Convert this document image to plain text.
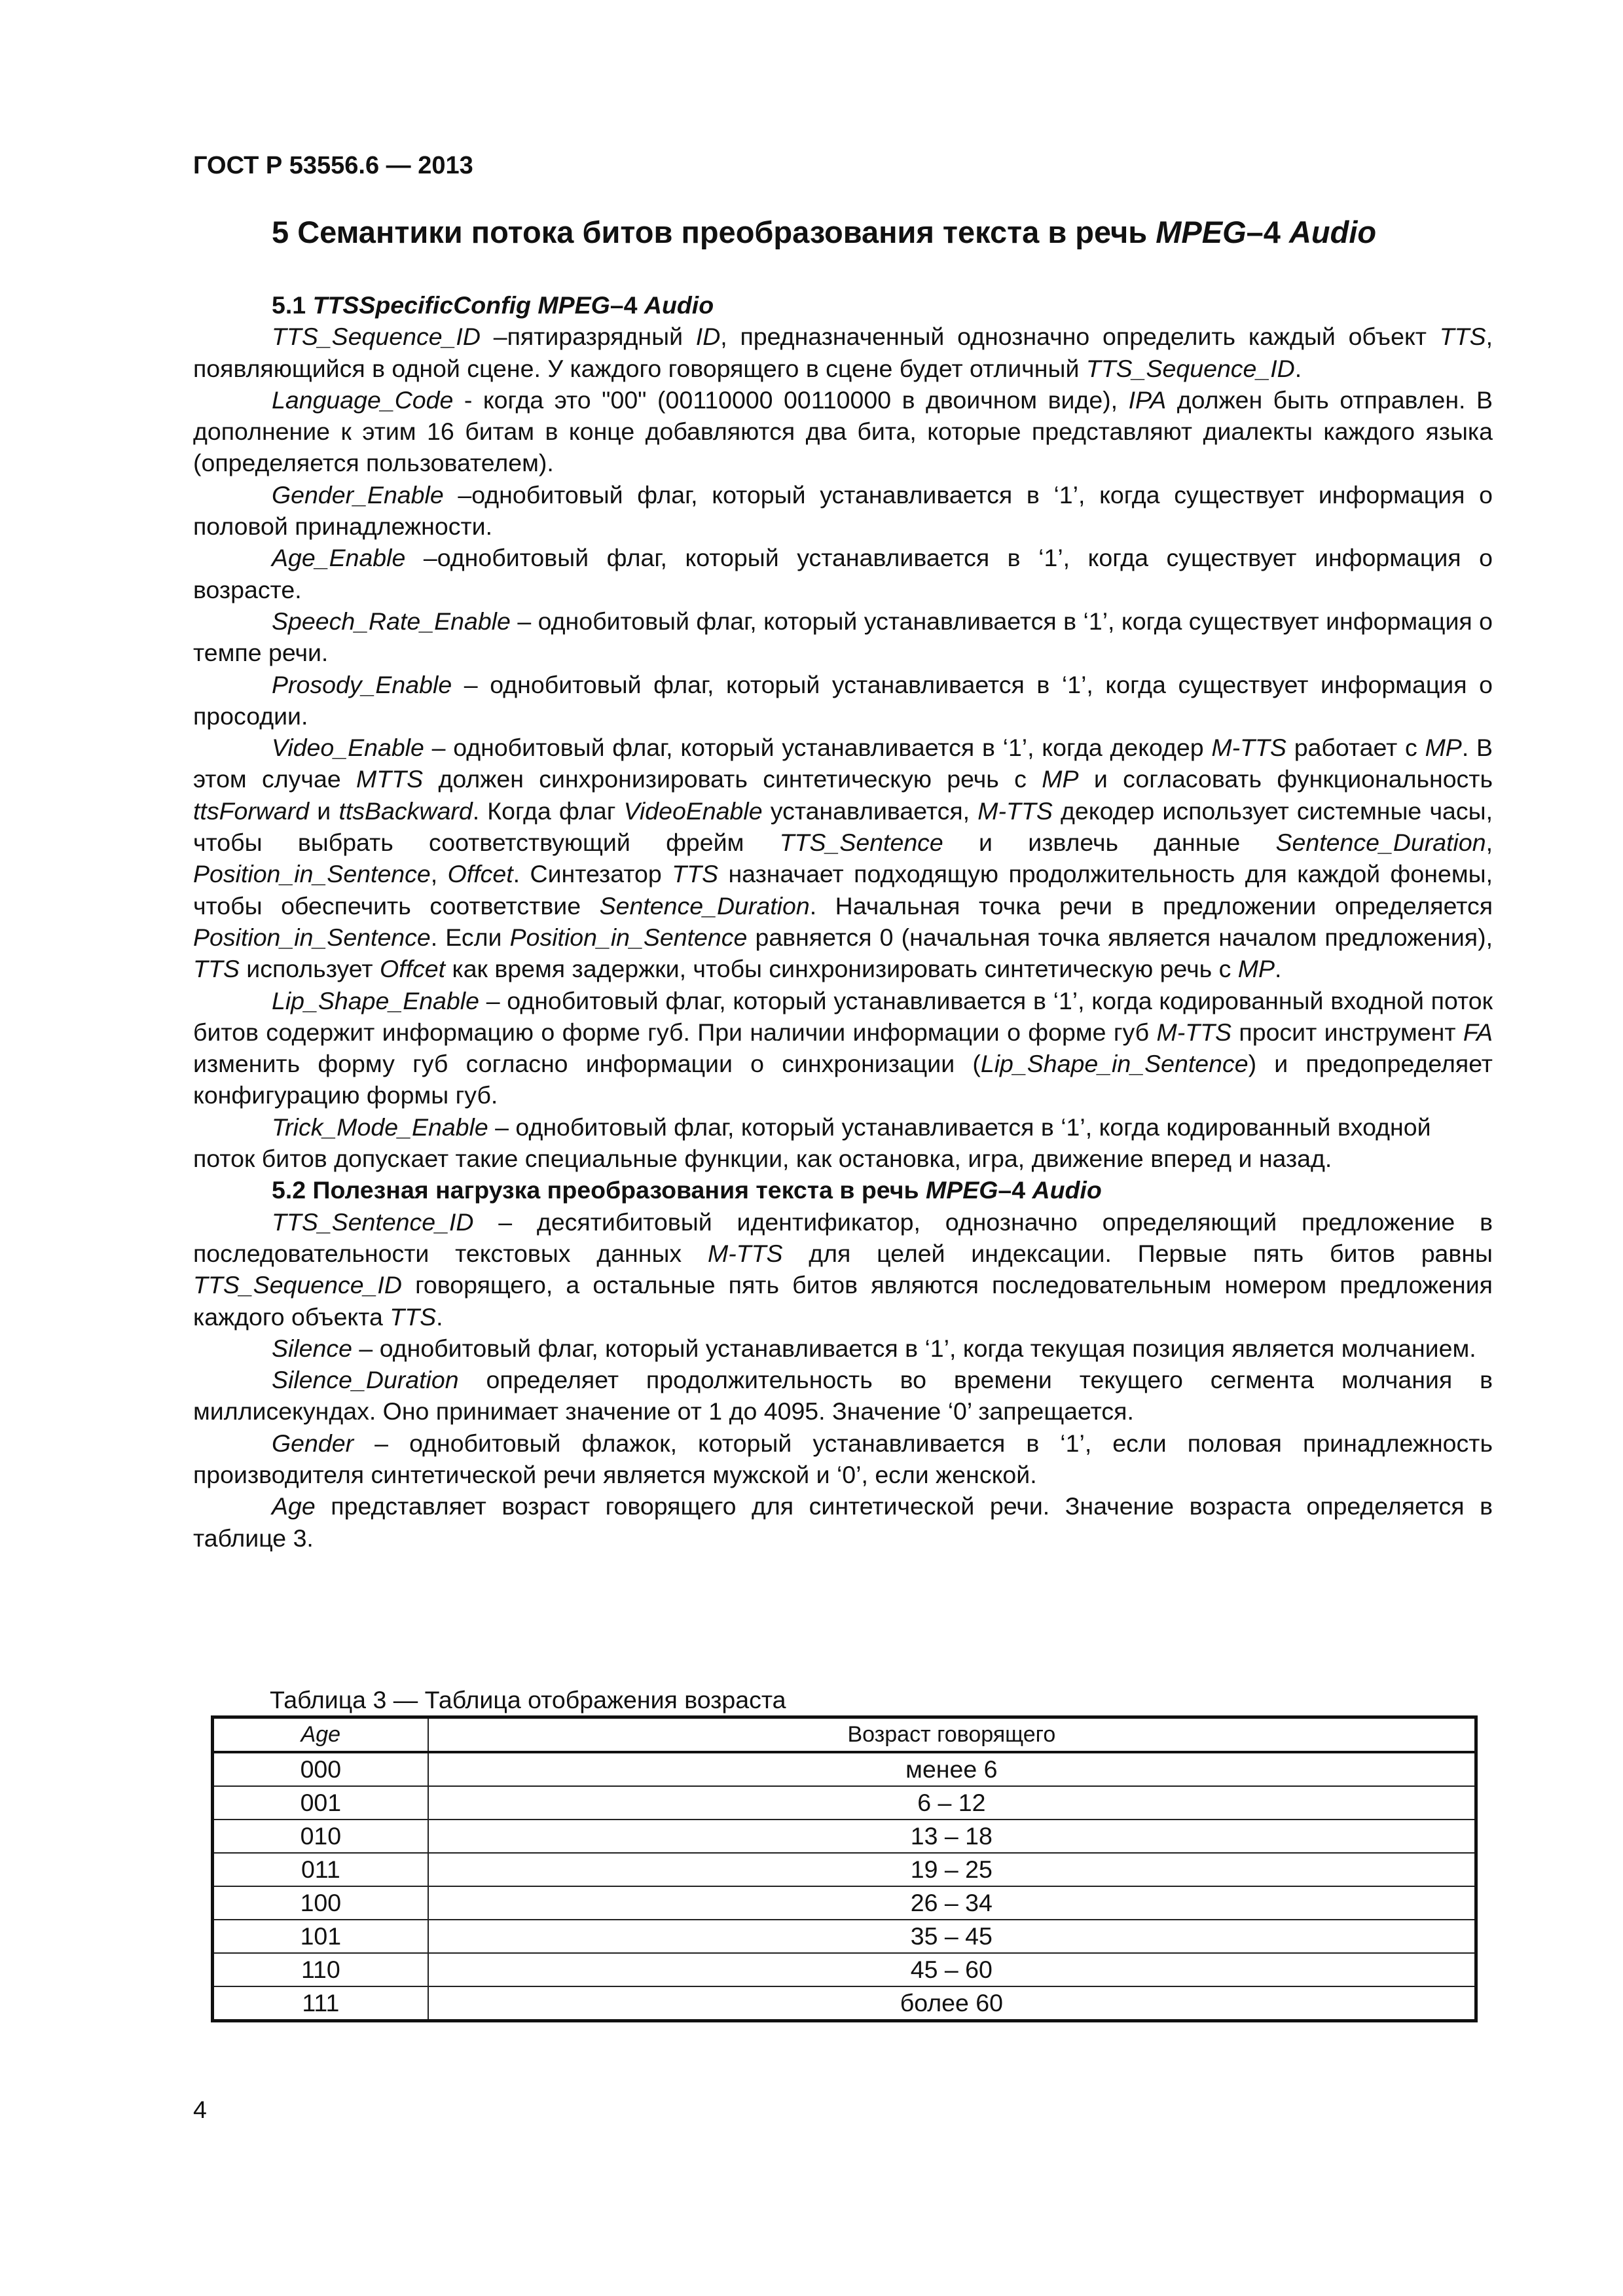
ГОСТ Р 53556.6 — 2013
5 Семантики потока битов преобразования текста в речь MPEG–4 Audio

5.1 TTSSpecificConfig MPEG–4 Audio

TTS_Sequence_ID –пятиразрядный ID, предназначенный однозначно определить каждый объект TTS, появляющийся в одной сцене. У каждого говорящего в сцене будет отличный TTS_Sequence_ID.

Language_Code - когда это "00" (00110000 00110000 в двоичном виде), IPA должен быть отправлен. В дополнение к этим 16 битам в конце добавляются два бита, которые представляют диалекты каждого языка (определяется пользователем).

Gender_Enable –однобитовый флаг, который устанавливается в ‘1’, когда существует информация о половой принадлежности.

Age_Enable –однобитовый флаг, который устанавливается в ‘1’, когда существует информация о возрасте.

Speech_Rate_Enable – однобитовый флаг, который устанавливается в ‘1’, когда существует информация о темпе речи.

Prosody_Enable – однобитовый флаг, который устанавливается в ‘1’, когда существует информация о просодии.

Video_Enable – однобитовый флаг, который устанавливается в ‘1’, когда декодер M-TTS работает с MP. В этом случае MTTS должен синхронизировать синтетическую речь с MP и согласовать функциональность ttsForward и ttsBackward. Когда флаг VideoEnable устанавливается, M-TTS декодер использует системные часы, чтобы выбрать соответствующий фрейм TTS_Sentence и извлечь данные Sentence_Duration, Position_in_Sentence, Offcet. Синтезатор TTS назначает подходящую продолжительность для каждой фонемы, чтобы обеспечить соответствие Sentence_Duration. Начальная точка речи в предложении определяется Position_in_Sentence. Если Position_in_Sentence равняется 0 (начальная точка является началом предложения), TTS использует Offcet как время задержки, чтобы синхронизировать синтетическую речь с MP.

Lip_Shape_Enable – однобитовый флаг, который устанавливается в ‘1’, когда кодированный входной поток битов содержит информацию о форме губ. При наличии информации о форме губ M-TTS просит инструмент FA изменить форму губ согласно информации о синхронизации (Lip_Shape_in_Sentence) и предопределяет конфигурацию формы губ.

Trick_Mode_Enable – однобитовый флаг, который устанавливается в ‘1’, когда кодированный входной поток битов допускает такие специальные функции, как остановка, игра, движение вперед и назад.

5.2 Полезная нагрузка преобразования текста в речь MPEG–4 Audio

TTS_Sentence_ID – десятибитовый идентификатор, однозначно определяющий предложение в последовательности текстовых данных M-TTS для целей индексации. Первые пять битов равны TTS_Sequence_ID говорящего, а остальные пять битов являются последовательным номером предложения каждого объекта TTS.

Silence – однобитовый флаг, который устанавливается в ‘1’, когда текущая позиция является молчанием.

Silence_Duration определяет продолжительность во времени текущего сегмента молчания в миллисекундах. Оно принимает значение от 1 до 4095. Значение ‘0’ запрещается.

Gender – однобитовый флажок, который устанавливается в ‘1’, если половая принадлежность производителя синтетической речи является мужской и ‘0’, если женской.

Age представляет возраст говорящего для синтетической речи. Значение возраста определяется в таблице 3.

Таблица 3 — Таблица отображения возраста
Age	Возраст говорящего
000	менее 6
001	6 – 12
010	13 – 18
011	19 – 25
100	26 – 34
101	35 – 45
110	45 – 60
111	более 60
4
